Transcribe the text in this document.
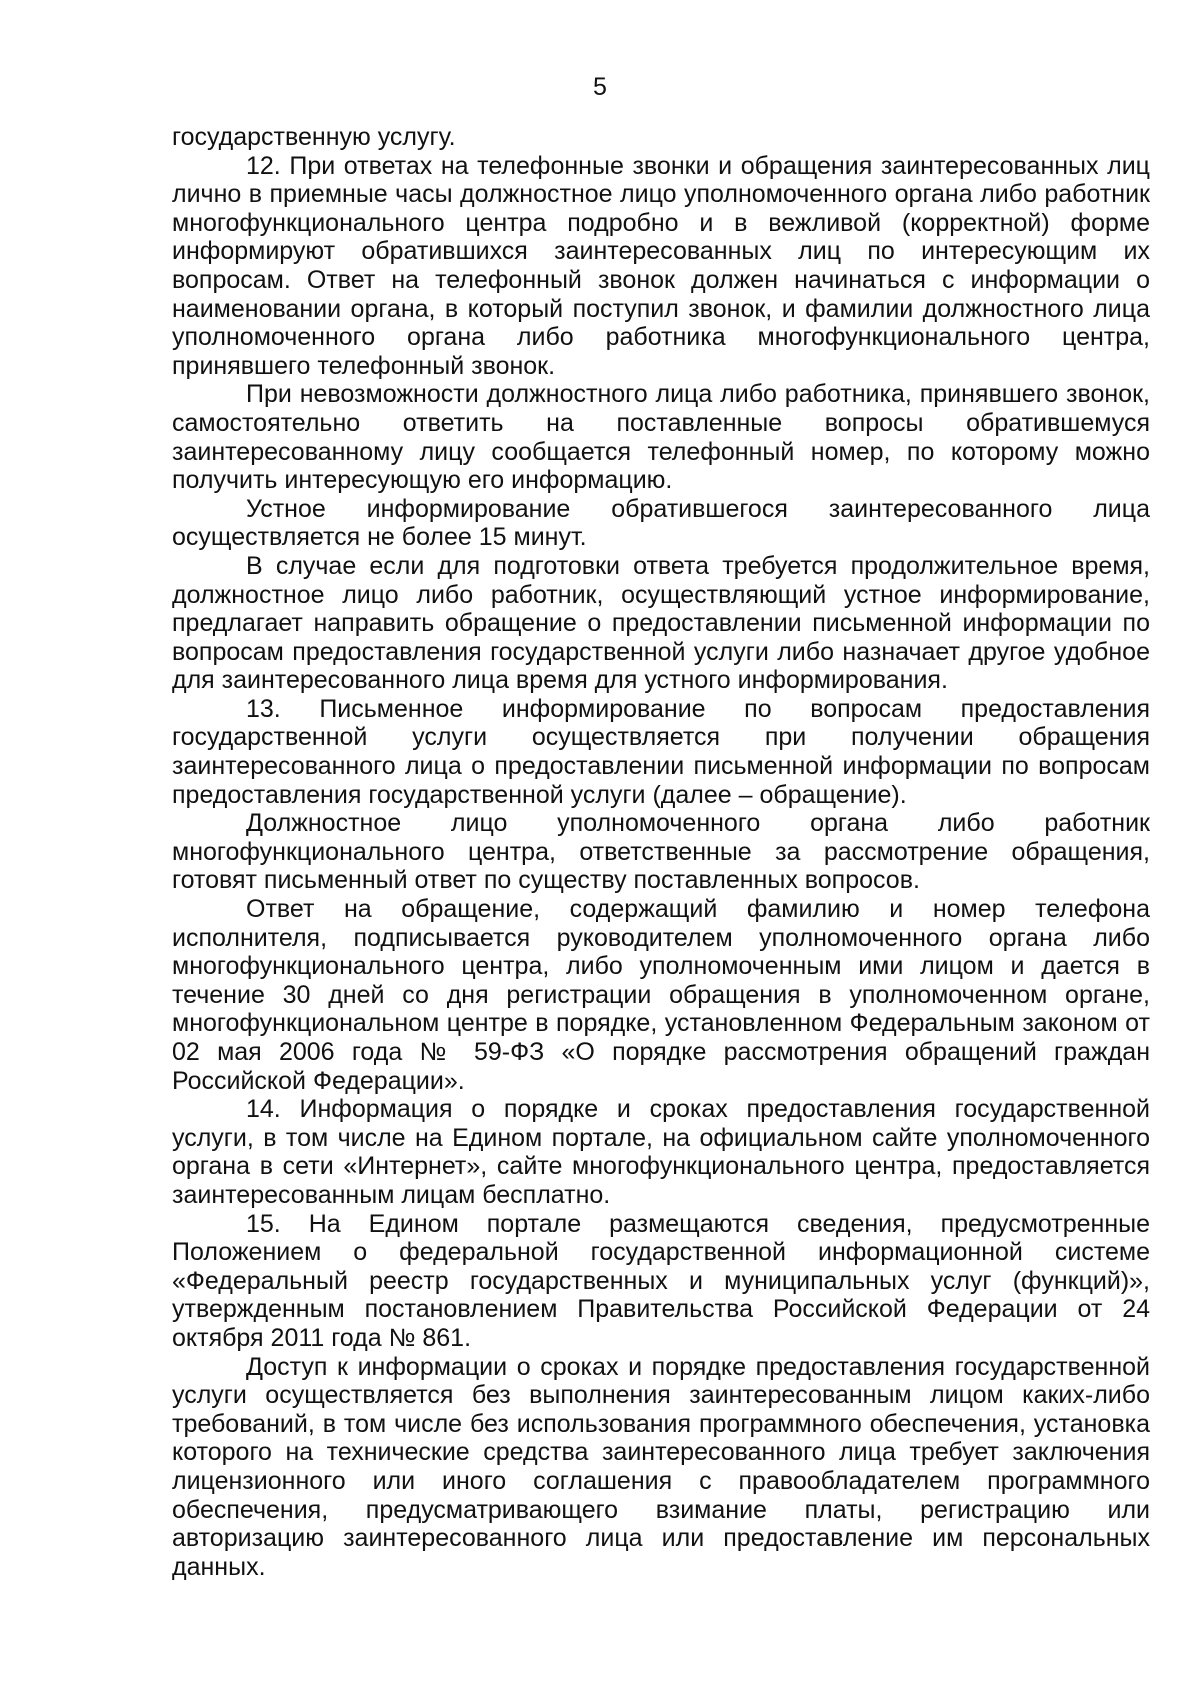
5

государственную услугу.

12. При ответах на телефонные звонки и обращения заинтересованных лиц лично в приемные часы должностное лицо уполномоченного органа либо работник многофункционального центра подробно и в вежливой (корректной) форме информируют обратившихся заинтересованных лиц по интересующим их вопросам. Ответ на телефонный звонок должен начинаться с информации о наименовании органа, в который поступил звонок, и фамилии должностного лица уполномоченного органа либо работника многофункционального центра, принявшего телефонный звонок.

При невозможности должностного лица либо работника, принявшего звонок, самостоятельно ответить на поставленные вопросы обратившемуся заинтересованному лицу сообщается телефонный номер, по которому можно получить интересующую его информацию.

Устное информирование обратившегося заинтересованного лица осуществляется не более 15 минут.

В случае если для подготовки ответа требуется продолжительное время, должностное лицо либо работник, осуществляющий устное информирование, предлагает направить обращение о предоставлении письменной информации по вопросам предоставления государственной услуги либо назначает другое удобное для заинтересованного лица время для устного информирования.

13. Письменное информирование по вопросам предоставления государственной услуги осуществляется при получении обращения заинтересованного лица о предоставлении письменной информации по вопросам предоставления государственной услуги (далее – обращение).

Должностное лицо уполномоченного органа либо работник многофункционального центра, ответственные за рассмотрение обращения, готовят письменный ответ по существу поставленных вопросов.

Ответ на обращение, содержащий фамилию и номер телефона исполнителя, подписывается руководителем уполномоченного органа либо многофункционального центра, либо уполномоченным ими лицом и дается в течение 30 дней со дня регистрации обращения в уполномоченном органе, многофункциональном центре в порядке, установленном Федеральным законом от 02 мая 2006 года № 59-ФЗ «О порядке рассмотрения обращений граждан Российской Федерации».

14. Информация о порядке и сроках предоставления государственной услуги, в том числе на Едином портале, на официальном сайте уполномоченного органа в сети «Интернет», сайте многофункционального центра, предоставляется заинтересованным лицам бесплатно.

15. На Едином портале размещаются сведения, предусмотренные Положением о федеральной государственной информационной системе «Федеральный реестр государственных и муниципальных услуг (функций)», утвержденным постановлением Правительства Российской Федерации от 24 октября 2011 года № 861.

Доступ к информации о сроках и порядке предоставления государственной услуги осуществляется без выполнения заинтересованным лицом каких-либо требований, в том числе без использования программного обеспечения, установка которого на технические средства заинтересованного лица требует заключения лицензионного или иного соглашения с правообладателем программного обеспечения, предусматривающего взимание платы, регистрацию или авторизацию заинтересованного лица или предоставление им персональных данных.
